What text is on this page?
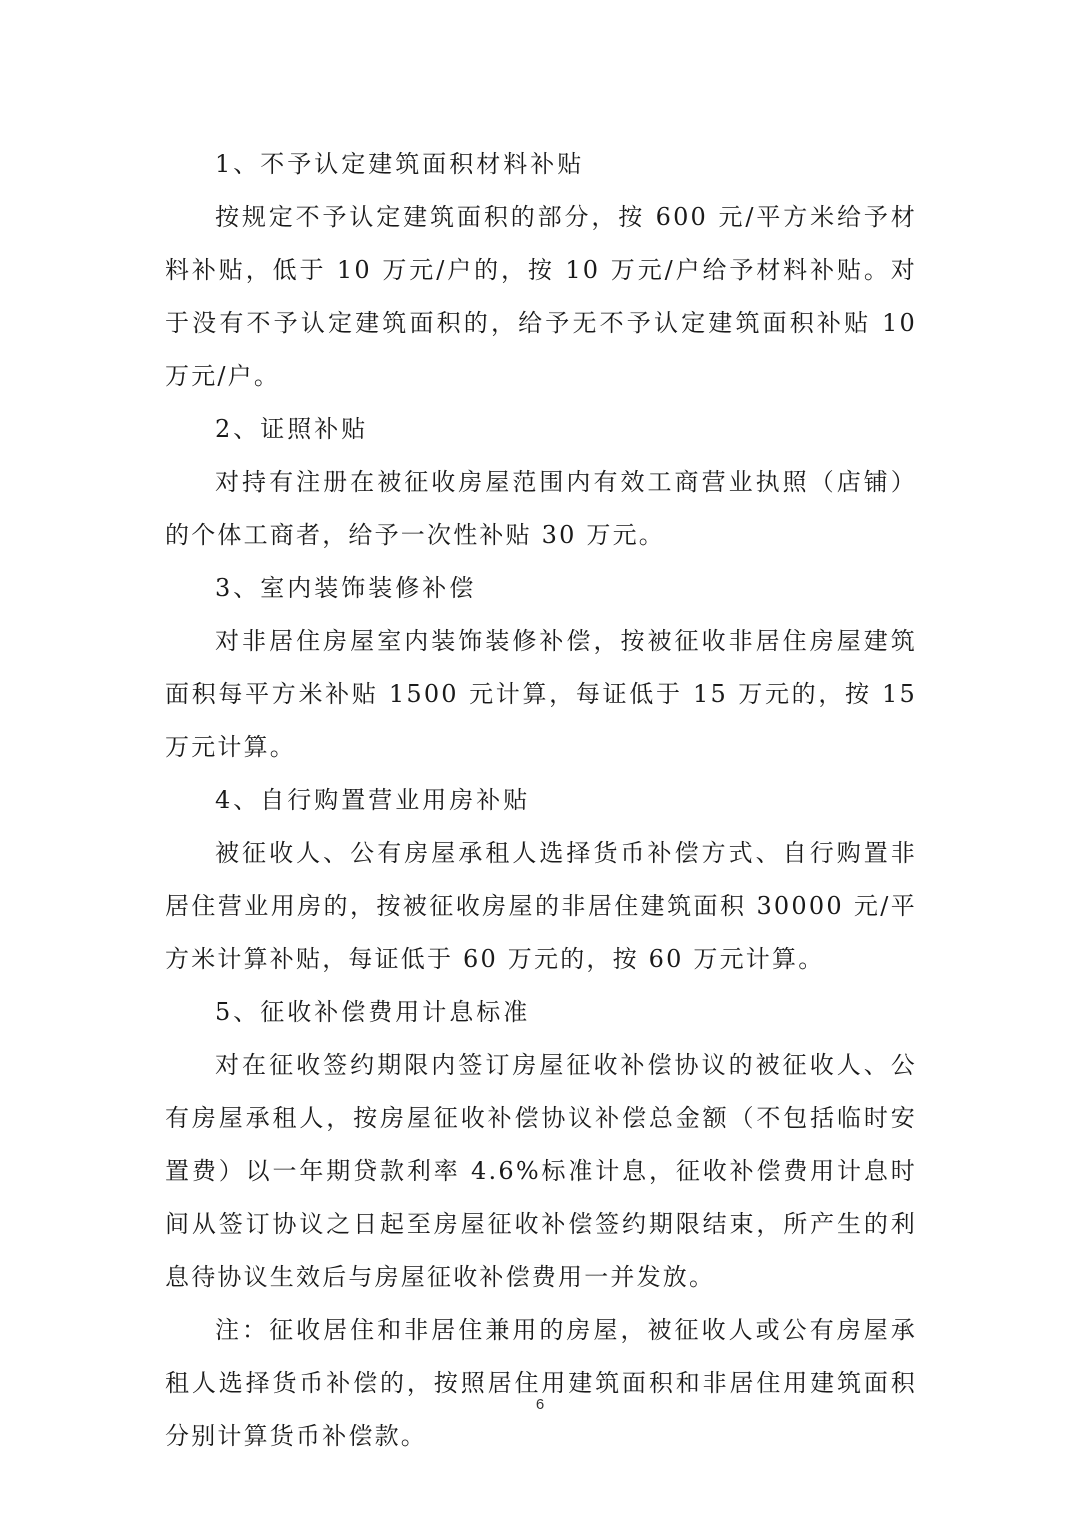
1、不予认定建筑面积材料补贴

按规定不予认定建筑面积的部分，按 600 元/平方米给予材料补贴，低于 10 万元/户的，按 10 万元/户给予材料补贴。对于没有不予认定建筑面积的，给予无不予认定建筑面积补贴 10 万元/户。

2、证照补贴

对持有注册在被征收房屋范围内有效工商营业执照（店铺）的个体工商者，给予一次性补贴 30 万元。

3、室内装饰装修补偿

对非居住房屋室内装饰装修补偿，按被征收非居住房屋建筑面积每平方米补贴 1500 元计算，每证低于 15 万元的，按 15 万元计算。

4、自行购置营业用房补贴

被征收人、公有房屋承租人选择货币补偿方式、自行购置非居住营业用房的，按被征收房屋的非居住建筑面积 30000 元/平方米计算补贴，每证低于 60 万元的，按 60 万元计算。

5、征收补偿费用计息标准

对在征收签约期限内签订房屋征收补偿协议的被征收人、公有房屋承租人，按房屋征收补偿协议补偿总金额（不包括临时安置费）以一年期贷款利率 4.6%标准计息，征收补偿费用计息时间从签订协议之日起至房屋征收补偿签约期限结束，所产生的利息待协议生效后与房屋征收补偿费用一并发放。

注：征收居住和非居住兼用的房屋，被征收人或公有房屋承租人选择货币补偿的，按照居住用建筑面积和非居住用建筑面积分别计算货币补偿款。

6
